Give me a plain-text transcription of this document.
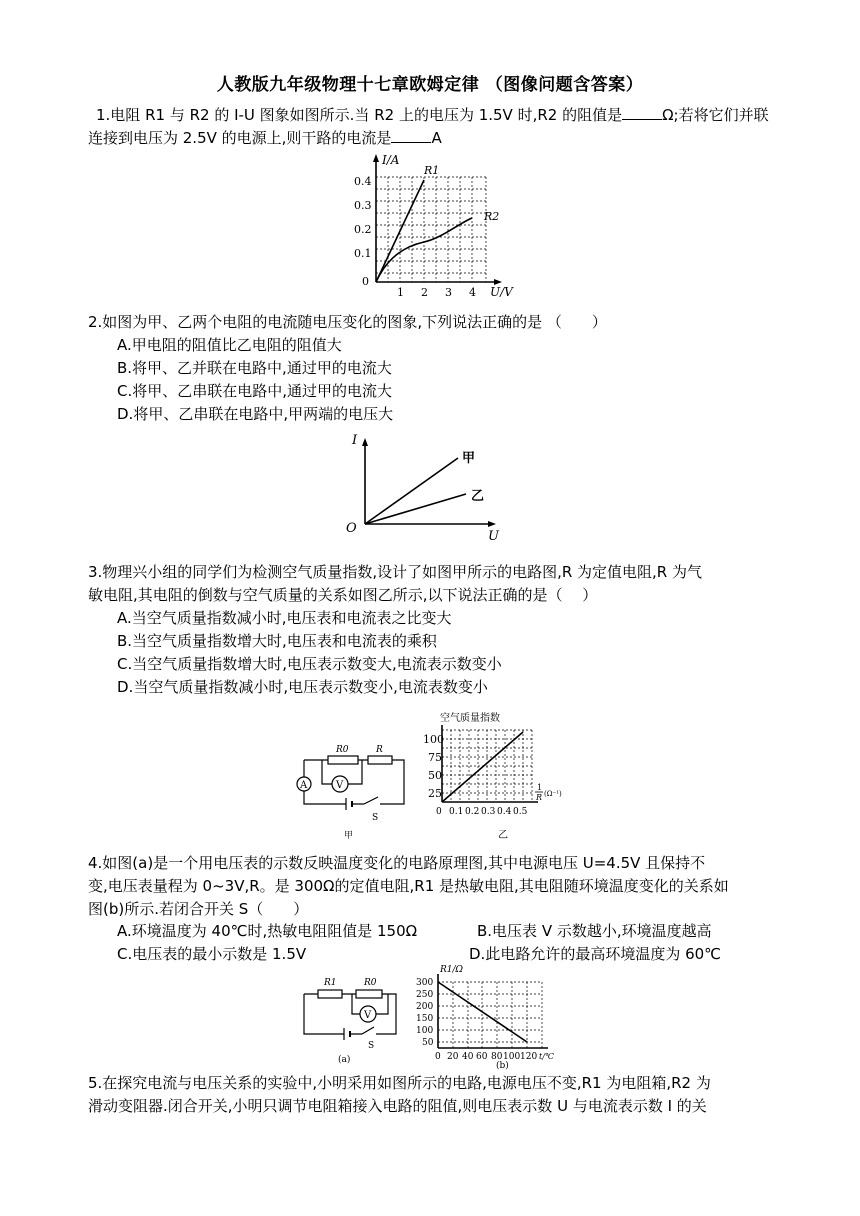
人教版九年级物理十七章欧姆定律 （图像问题含答案）
1.电阻 R1 与 R2 的 I-U 图象如图所示.当 R2 上的电压为 1.5V 时,R2 的阻值是	Ω;若将它们并联连接到电压为 2.5V 的电源上,则干路的电流是	A
I/A
U/V
0.4
0.3
0.2
0.1
0
1 2 3 4
R1
R2
2.如图为甲、乙两个电阻的电流随电压变化的图象,下列说法正确的是 （　　）
A.甲电阻的阻值比乙电阻的阻值大
B.将甲、乙并联在电路中,通过甲的电流大
C.将甲、乙串联在电路中,通过甲的电流大
D.将甲、乙串联在电路中,甲两端的电压大
I
U
O
甲
乙
3.物理兴小组的同学们为检测空气质量指数,设计了如图甲所示的电路图,R 为定值电阻,R 为气
敏电阻,其电阻的倒数与空气质量的关系如图乙所示,以下说法正确的是（　 ）
A.当空气质量指数减小时,电压表和电流表之比变大
B.当空气质量指数增大时,电压表和电流表的乘积
C.当空气质量指数增大时,电压表示数变大,电流表示数变小
D.当空气质量指数减小时,电压表示数变小,电流表数变小
V
A
R0	R
S
甲
空气质量指数
100
75
50
25
0 0.1 0.2 0.3 0.4 0.5
1
R (Ω⁻¹)
乙
4.如图(a)是一个用电压表的示数反映温度变化的电路原理图,其中电源电压 U=4.5V 且保持不
变,电压表量程为 0~3V,R。是 300Ω的定值电阻,R1 是热敏电阻,其电阻随环境温度变化的关系如
图(b)所示.若闭合开关 S（　　）
A.环境温度为 40℃时,热敏电阻阻值是 150Ω	B.电压表 V 示数越小,环境温度越高
C.电压表的最小示数是 1.5V	D.此电路允许的最高环境温度为 60℃
V
R1	R0
S
(a)
R1/Ω
300
250
200
150
100
50
0 20 40 60 80 100 120 t/℃
(b)
5.在探究电流与电压关系的实验中,小明采用如图所示的电路,电源电压不变,R1 为电阻箱,R2 为
滑动变阻器.闭合开关,小明只调节电阻箱接入电路的阻值,则电压表示数 U 与电流表示数 I 的关
